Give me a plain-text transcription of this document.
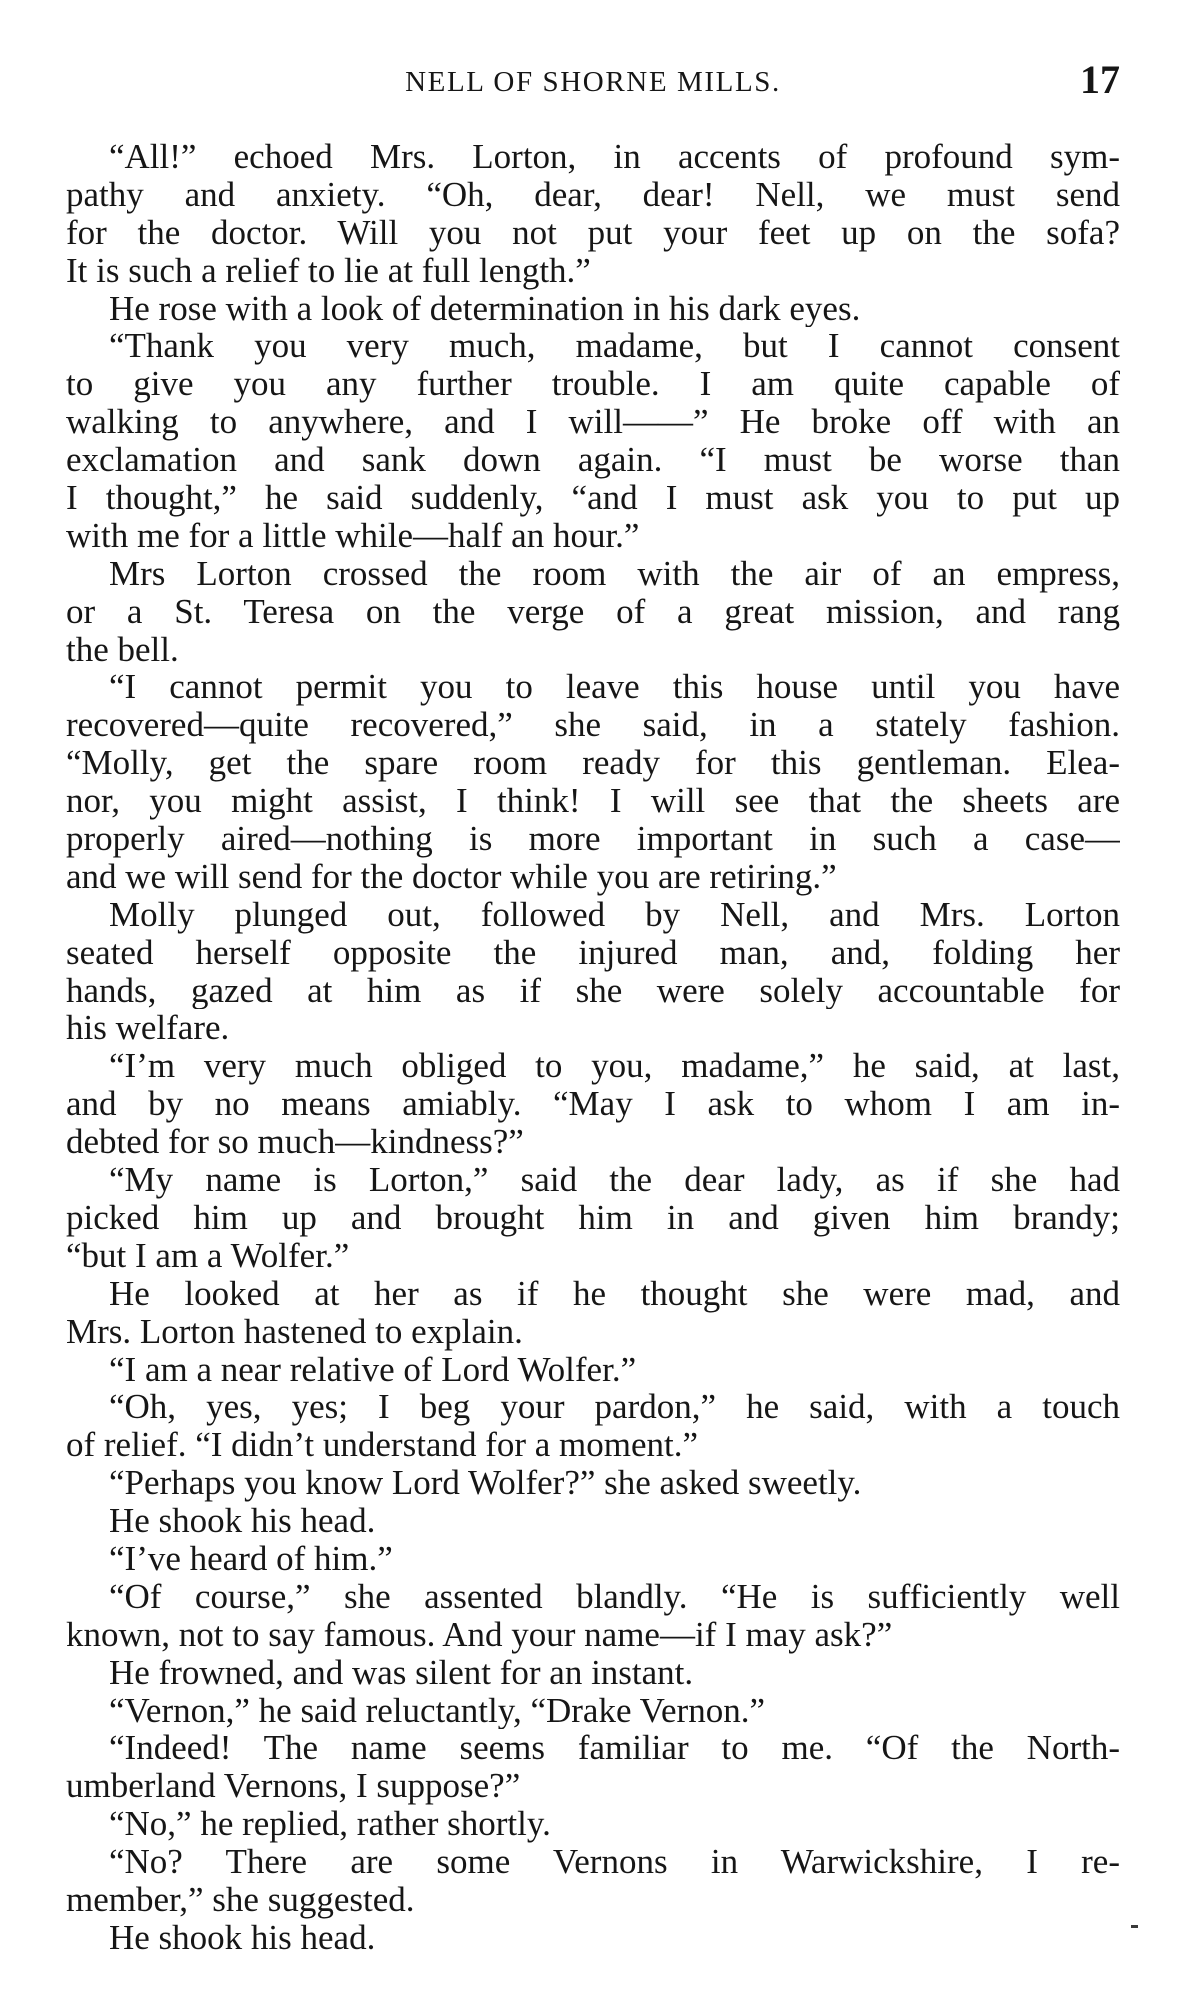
NELL OF SHORNE MILLS.	17
“All!” echoed Mrs. Lorton, in accents of profound sym-
pathy and anxiety. “Oh, dear, dear! Nell, we must send
for the doctor. Will you not put your feet up on the sofa?
It is such a relief to lie at full length.”
He rose with a look of determination in his dark eyes.
“Thank you very much, madame, but I cannot consent
to give you any further trouble. I am quite capable of
walking to anywhere, and I will——” He broke off with an
exclamation and sank down again. “I must be worse than
I thought,” he said suddenly, “and I must ask you to put up
with me for a little while—half an hour.”
Mrs Lorton crossed the room with the air of an empress,
or a St. Teresa on the verge of a great mission, and rang
the bell.
“I cannot permit you to leave this house until you have
recovered—quite recovered,” she said, in a stately fashion.
“Molly, get the spare room ready for this gentleman. Elea-
nor, you might assist, I think! I will see that the sheets are
properly aired—nothing is more important in such a case—
and we will send for the doctor while you are retiring.”
Molly plunged out, followed by Nell, and Mrs. Lorton
seated herself opposite the injured man, and, folding her
hands, gazed at him as if she were solely accountable for
his welfare.
“I’m very much obliged to you, madame,” he said, at last,
and by no means amiably. “May I ask to whom I am in-
debted for so much—kindness?”
“My name is Lorton,” said the dear lady, as if she had
picked him up and brought him in and given him brandy;
“but I am a Wolfer.”
He looked at her as if he thought she were mad, and
Mrs. Lorton hastened to explain.
“I am a near relative of Lord Wolfer.”
“Oh, yes, yes; I beg your pardon,” he said, with a touch
of relief. “I didn’t understand for a moment.”
“Perhaps you know Lord Wolfer?” she asked sweetly.
He shook his head.
“I’ve heard of him.”
“Of course,” she assented blandly. “He is sufficiently well
known, not to say famous. And your name—if I may ask?”
He frowned, and was silent for an instant.
“Vernon,” he said reluctantly, “Drake Vernon.”
“Indeed! The name seems familiar to me. “Of the North-
umberland Vernons, I suppose?”
“No,” he replied, rather shortly.
“No? There are some Vernons in Warwickshire, I re-
member,” she suggested.
He shook his head.
